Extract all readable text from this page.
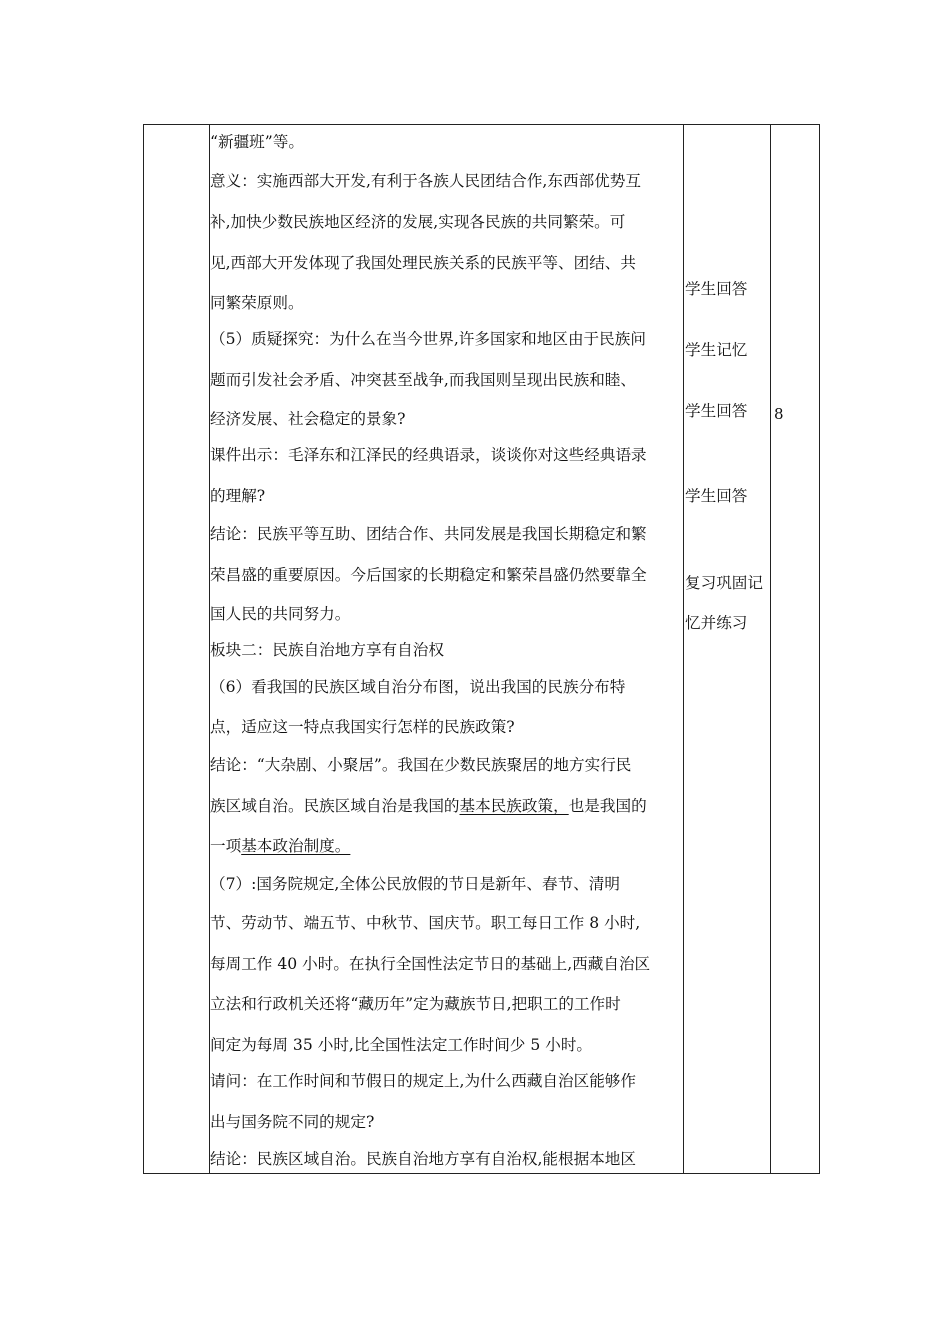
“新疆班”等。
意义：实施西部大开发,有利于各族人民团结合作,东西部优势互
补,加快少数民族地区经济的发展,实现各民族的共同繁荣。可
见,西部大开发体现了我国处理民族关系的民族平等、团结、共
同繁荣原则。
（5）质疑探究：为什么在当今世界,许多国家和地区由于民族问
题而引发社会矛盾、冲突甚至战争,而我国则呈现出民族和睦、
经济发展、社会稳定的景象?
课件出示：毛泽东和江泽民的经典语录，谈谈你对这些经典语录
的理解?
结论：民族平等互助、团结合作、共同发展是我国长期稳定和繁
荣昌盛的重要原因。今后国家的长期稳定和繁荣昌盛仍然要靠全
国人民的共同努力。
板块二：民族自治地方享有自治权
（6）看我国的民族区域自治分布图，说出我国的民族分布特
点，适应这一特点我国实行怎样的民族政策?
结论：“大杂剧、小聚居”。我国在少数民族聚居的地方实行民
族区域自治。民族区域自治是我国的基本民族政策，也是我国的
一项基本政治制度。
（7）:国务院规定,全体公民放假的节日是新年、春节、清明
节、劳动节、端五节、中秋节、国庆节。职工每日工作 8 小时,
每周工作 40 小时。在执行全国性法定节日的基础上,西藏自治区
立法和行政机关还将“藏历年”定为藏族节日,把职工的工作时
间定为每周 35 小时,比全国性法定工作时间少 5 小时。
请问：在工作时间和节假日的规定上,为什么西藏自治区能够作
出与国务院不同的规定?
结论：民族区域自治。民族自治地方享有自治权,能根据本地区
学生回答
学生记忆
学生回答
学生回答
复习巩固记
忆并练习
8
